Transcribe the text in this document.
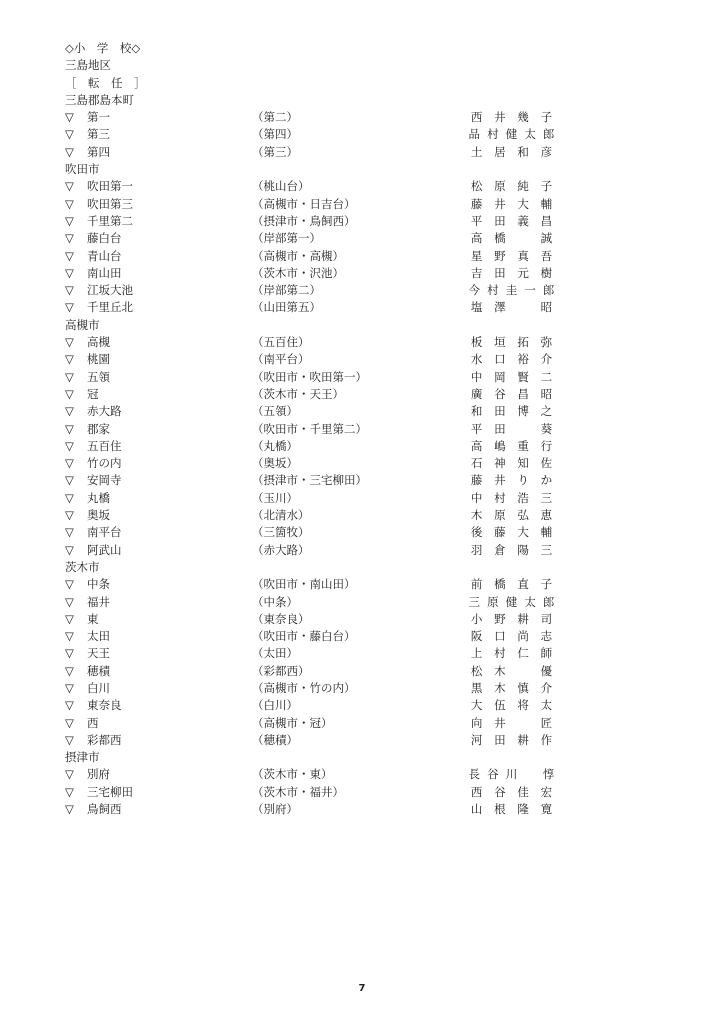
◇小　学　校◇
三島地区
［　転　任　］
三島郡島本町
▽	第一	（第二）	西	井	幾	子
▽	第三	（第四）	品 村 健 太 郎
▽	第四	（第三）	土	居	和	彦
吹田市
▽	吹田第一	（桃山台）	松	原	純	子
▽	吹田第三	（高槻市・日吉台）	藤	井	大	輔
▽	千里第二	（摂津市・鳥飼西）	平	田	義	昌
▽	藤白台	（岸部第一）	高	橋	誠
▽	青山台	（高槻市・高槻）	星	野	真	吾
▽	南山田	（茨木市・沢池）	吉	田	元	樹
▽	江坂大池	（岸部第二）	今 村 圭 一 郎
▽	千里丘北	（山田第五）	塩	澤	昭
高槻市
▽	高槻	（五百住）	板	垣	拓	弥
▽	桃園	（南平台）	水	口	裕	介
▽	五領	（吹田市・吹田第一）	中	岡	賢	二
▽	冠	（茨木市・天王）	廣	谷	昌	昭
▽	赤大路	（五領）	和	田	博	之
▽	郡家	（吹田市・千里第二）	平	田	葵
▽	五百住	（丸橋）	高	嶋	重	行
▽	竹の内	（奥坂）	石	神	知	佐
▽	安岡寺	（摂津市・三宅柳田）	藤	井	り	か
▽	丸橋	（玉川）	中	村	浩	三
▽	奥坂	（北清水）	木	原	弘	恵
▽	南平台	（三箇牧）	後	藤	大	輔
▽	阿武山	（赤大路）	羽	倉	陽	三
茨木市
▽	中条	（吹田市・南山田）	前	橋	直	子
▽	福井	（中条）	三 原 健 太 郎
▽	東	（東奈良）	小	野	耕	司
▽	太田	（吹田市・藤白台）	阪	口	尚	志
▽	天王	（太田）	上	村	仁	師
▽	穂積	（彩都西）	松	木	優
▽	白川	（高槻市・竹の内）	黒	木	慎	介
▽	東奈良	（白川）	大	伍	将	太
▽	西	（高槻市・冠）	向	井	匠
▽	彩都西	（穂積）	河	田	耕	作
摂津市
▽	別府	（茨木市・東）	長 谷 川	惇
▽	三宅柳田	（茨木市・福井）	西	谷	佳	宏
▽	鳥飼西	（別府）	山	根	隆	寛
7
